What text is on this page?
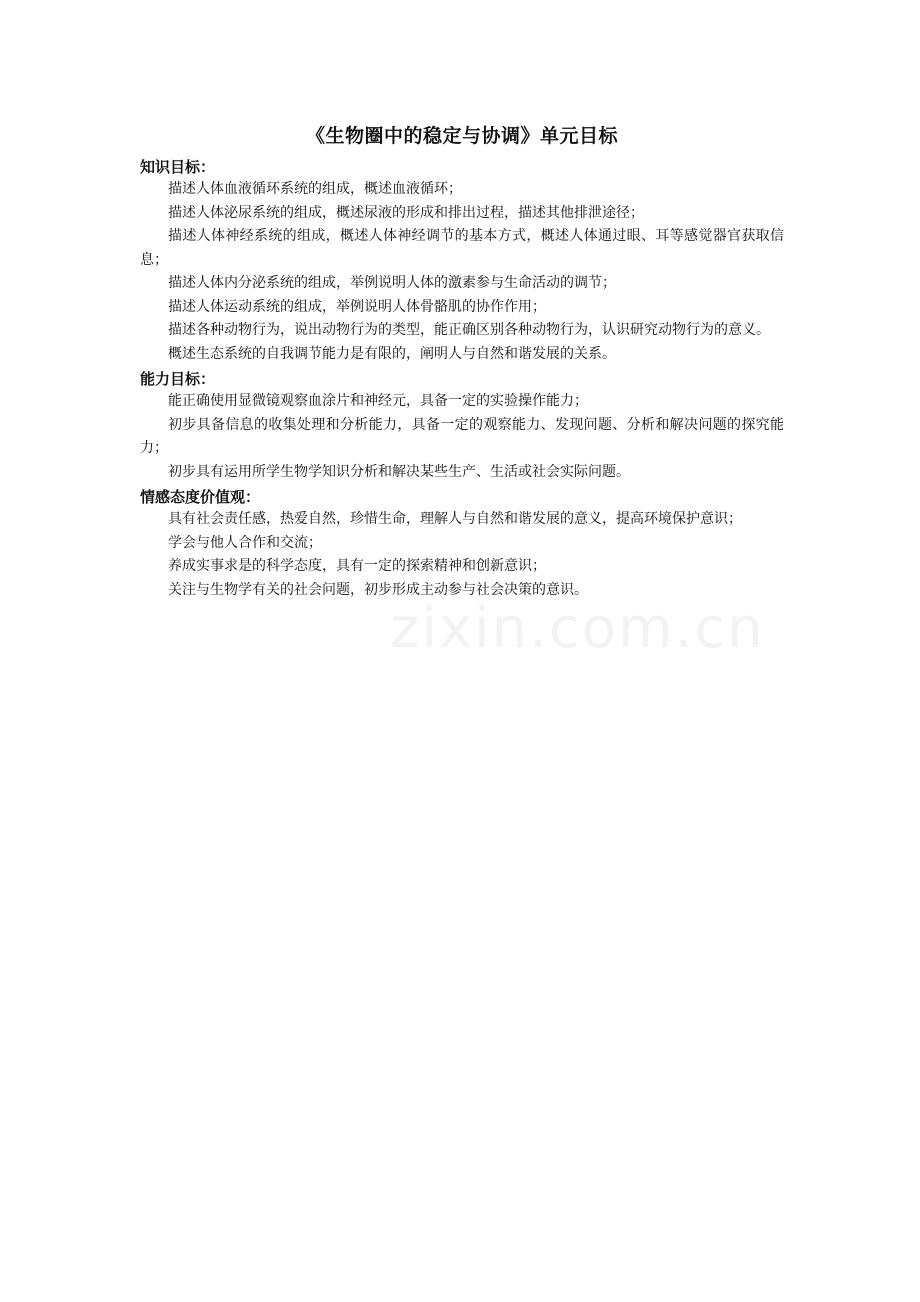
zixin.com.cn
《生物圈中的稳定与协调》单元目标
知识目标：

描述人体血液循环系统的组成，概述血液循环；

描述人体泌尿系统的组成，概述尿液的形成和排出过程，描述其他排泄途径；

描述人体神经系统的组成，概述人体神经调节的基本方式，概述人体通过眼、耳等感觉器官获取信息；

描述人体内分泌系统的组成，举例说明人体的激素参与生命活动的调节；

描述人体运动系统的组成，举例说明人体骨骼肌的协作作用；

描述各种动物行为，说出动物行为的类型，能正确区别各种动物行为，认识研究动物行为的意义。

概述生态系统的自我调节能力是有限的，阐明人与自然和谐发展的关系。

能力目标：

能正确使用显微镜观察血涂片和神经元，具备一定的实验操作能力；

初步具备信息的收集处理和分析能力，具备一定的观察能力、发现问题、分析和解决问题的探究能力；

初步具有运用所学生物学知识分析和解决某些生产、生活或社会实际问题。

情感态度价值观：

具有社会责任感，热爱自然，珍惜生命，理解人与自然和谐发展的意义，提高环境保护意识；

学会与他人合作和交流；

养成实事求是的科学态度，具有一定的探索精神和创新意识；

关注与生物学有关的社会问题，初步形成主动参与社会决策的意识。
